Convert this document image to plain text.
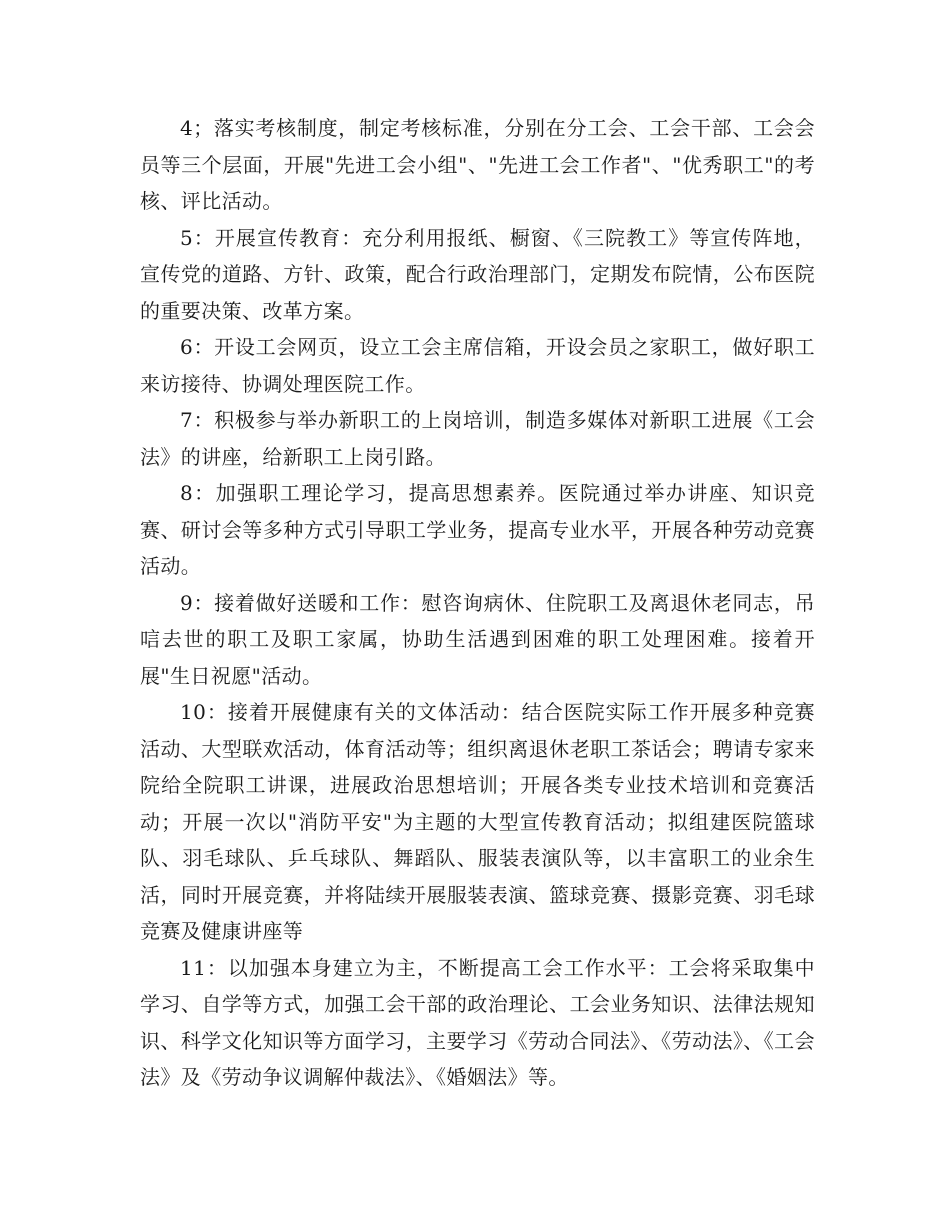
4；落实考核制度，制定考核标准，分别在分工会、工会干部、工会会员等三个层面，开展"先进工会小组"、"先进工会工作者"、"优秀职工"的考核、评比活动。

5：开展宣传教育：充分利用报纸、橱窗、《三院教工》等宣传阵地，宣传党的道路、方针、政策，配合行政治理部门，定期发布院情，公布医院的重要决策、改革方案。

6：开设工会网页，设立工会主席信箱，开设会员之家职工，做好职工来访接待、协调处理医院工作。

7：积极参与举办新职工的上岗培训，制造多媒体对新职工进展《工会法》的讲座，给新职工上岗引路。

8：加强职工理论学习，提高思想素养。医院通过举办讲座、知识竞赛、研讨会等多种方式引导职工学业务，提高专业水平，开展各种劳动竞赛活动。

9：接着做好送暖和工作：慰咨询病休、住院职工及离退休老同志，吊唁去世的职工及职工家属，协助生活遇到困难的职工处理困难。接着开展"生日祝愿"活动。

10：接着开展健康有关的文体活动：结合医院实际工作开展多种竞赛活动、大型联欢活动，体育活动等；组织离退休老职工茶话会；聘请专家来院给全院职工讲课，进展政治思想培训；开展各类专业技术培训和竞赛活动；开展一次以"消防平安"为主题的大型宣传教育活动；拟组建医院篮球队、羽毛球队、乒乓球队、舞蹈队、服装表演队等，以丰富职工的业余生活，同时开展竞赛，并将陆续开展服装表演、篮球竞赛、摄影竞赛、羽毛球竞赛及健康讲座等

11：以加强本身建立为主，不断提高工会工作水平：工会将采取集中学习、自学等方式，加强工会干部的政治理论、工会业务知识、法律法规知识、科学文化知识等方面学习，主要学习《劳动合同法》、《劳动法》、《工会法》及《劳动争议调解仲裁法》、《婚姻法》等。
